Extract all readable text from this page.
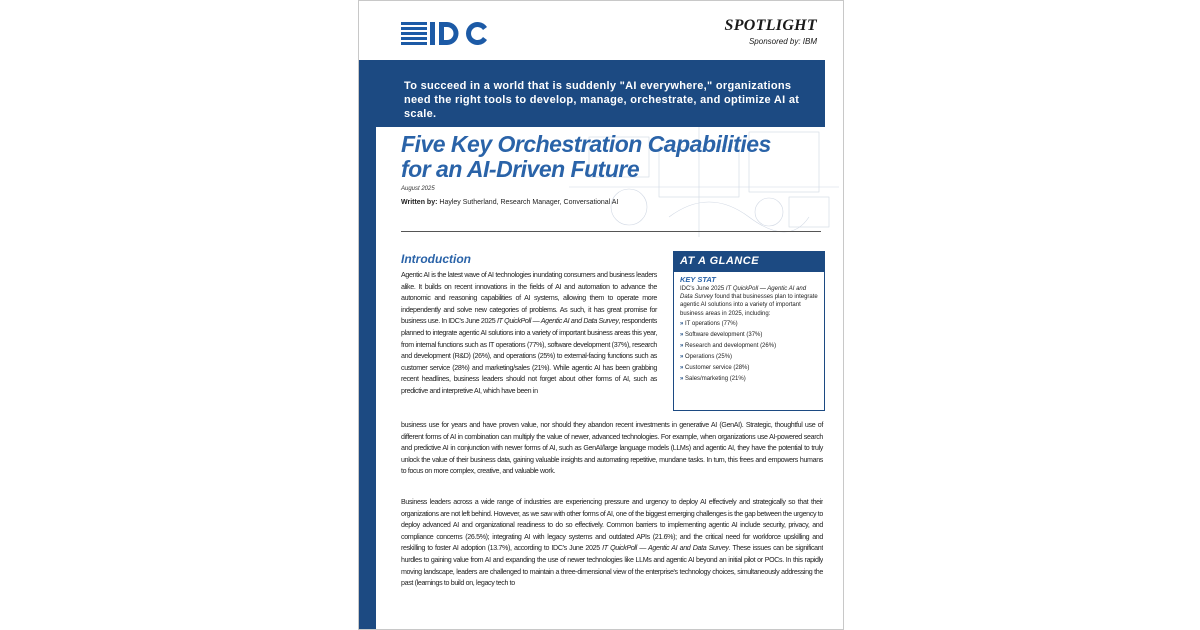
SPOTLIGHT
Sponsored by: IBM
To succeed in a world that is suddenly "AI everywhere," organizations need the right tools to develop, manage, orchestrate, and optimize AI at scale.
Five Key Orchestration Capabilities for an AI-Driven Future
August 2025
Written by: Hayley Sutherland, Research Manager, Conversational AI
Introduction
Agentic AI is the latest wave of AI technologies inundating consumers and business leaders alike. It builds on recent innovations in the fields of AI and automation to advance the autonomic and reasoning capabilities of AI systems, allowing them to operate more independently and solve new categories of problems. As such, it has great promise for business use. In IDC's June 2025 IT QuickPoll — Agentic AI and Data Survey, respondents planned to integrate agentic AI solutions into a variety of important business areas this year, from internal functions such as IT operations (77%), software development (37%), research and development (R&D) (26%), and operations (25%) to external-facing functions such as customer service (28%) and marketing/sales (21%). While agentic AI has been grabbing recent headlines, business leaders should not forget about other forms of AI, such as predictive and interpretive AI, which have been in
business use for years and have proven value, nor should they abandon recent investments in generative AI (GenAI). Strategic, thoughtful use of different forms of AI in combination can multiply the value of newer, advanced technologies. For example, when organizations use AI-powered search and predictive AI in conjunction with newer forms of AI, such as GenAI/large language models (LLMs) and agentic AI, they have the potential to truly unlock the value of their business data, gaining valuable insights and automating repetitive, mundane tasks. In turn, this frees and empowers humans to focus on more complex, creative, and valuable work.
Business leaders across a wide range of industries are experiencing pressure and urgency to deploy AI effectively and strategically so that their organizations are not left behind. However, as we saw with other forms of AI, one of the biggest emerging challenges is the gap between the urgency to deploy advanced AI and organizational readiness to do so effectively. Common barriers to implementing agentic AI include security, privacy, and compliance concerns (26.5%); integrating AI with legacy systems and outdated APIs (21.6%); and the critical need for workforce upskilling and reskilling to foster AI adoption (13.7%), according to IDC's June 2025 IT QuickPoll — Agentic AI and Data Survey. These issues can be significant hurdles to gaining value from AI and expanding the use of newer technologies like LLMs and agentic AI beyond an initial pilot or POCs. In this rapidly moving landscape, leaders are challenged to maintain a three-dimensional view of the enterprise's technology choices, simultaneously addressing the past (learnings to build on, legacy tech to
AT A GLANCE
KEY STAT
IDC's June 2025 IT QuickPoll — Agentic AI and Data Survey found that businesses plan to integrate agentic AI solutions into a variety of important business areas in 2025, including:
» IT operations (77%)
» Software development (37%)
» Research and development (26%)
» Operations (25%)
» Customer service (28%)
» Sales/marketing (21%)
